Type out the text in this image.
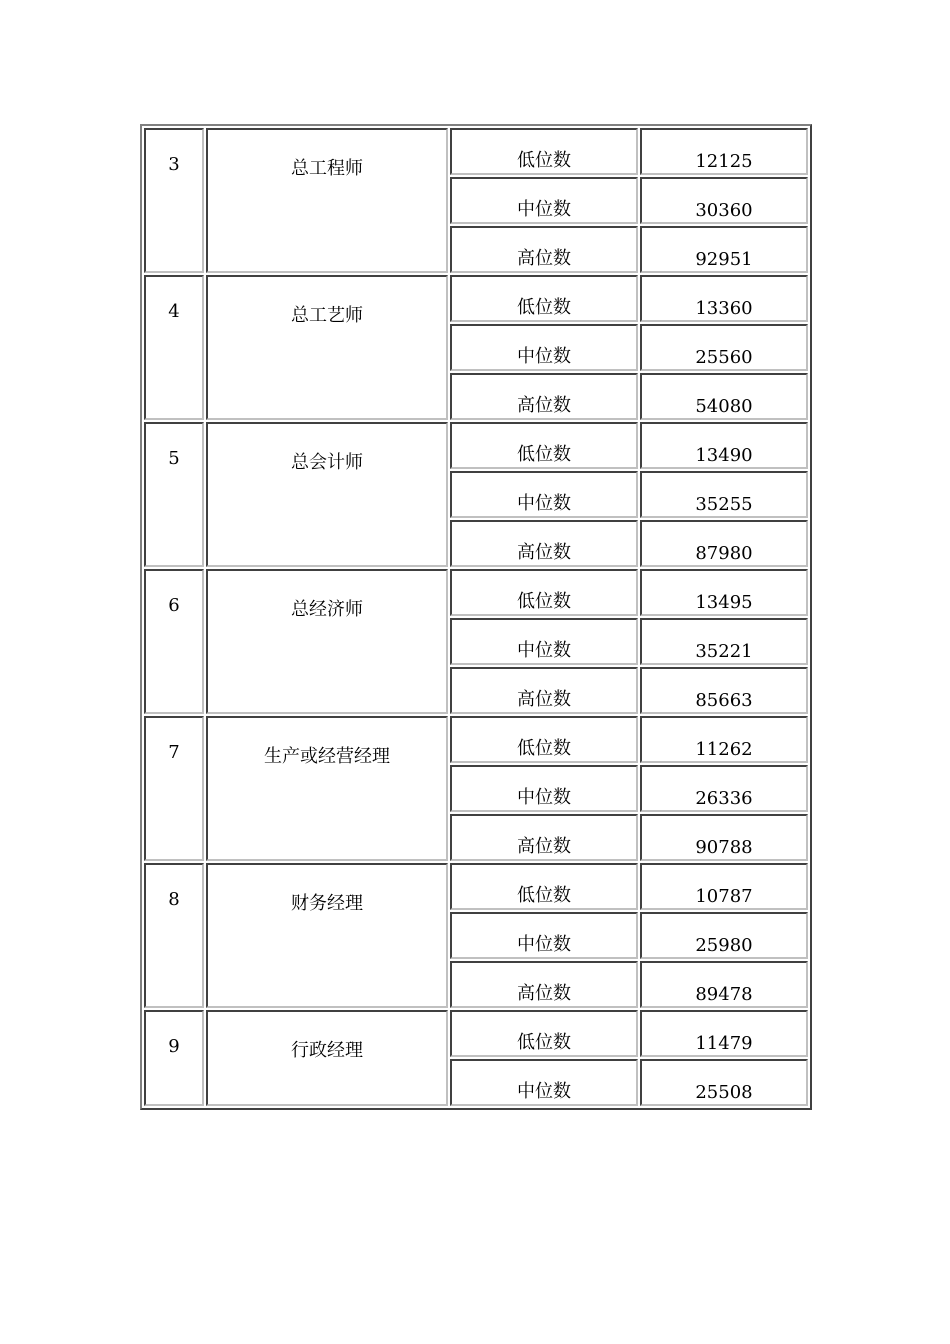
3	总工程师	低位数	12125
		中位数	30360
		高位数	92951
4	总工艺师	低位数	13360
		中位数	25560
		高位数	54080
5	总会计师	低位数	13490
		中位数	35255
		高位数	87980
6	总经济师	低位数	13495
		中位数	35221
		高位数	85663
7	生产或经营经理	低位数	11262
		中位数	26336
		高位数	90788
8	财务经理	低位数	10787
		中位数	25980
		高位数	89478
9	行政经理	低位数	11479
		中位数	25508
